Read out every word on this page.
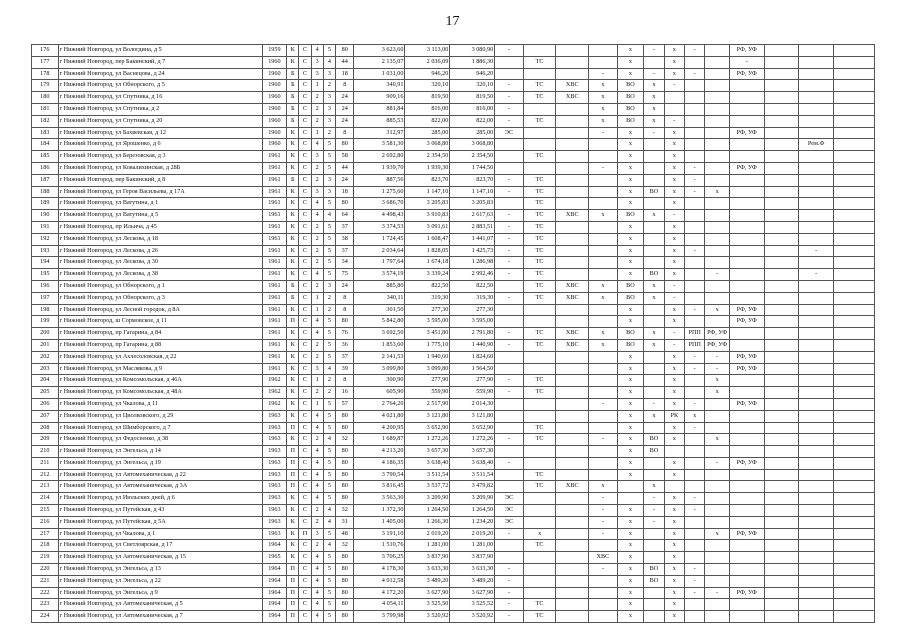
17
176	г Нижний Новгород, ул Вологдина, д 5	1959	К	С	4	5	80	3 623,60	3 113,00	3 080,90	-				х	-	х	-		РФ, УФ			
177	г Нижний Новгород, пер Бакинский, д 7	1960	К	С	3	4	44	2 135,07	2 036,09	1 886,30		ТС			х		х			-			
178	г Нижний Новгород, ул Васнецова, д 24	1960	Б	С	3	3	18	1 031,00	946,20	946,20				-	х	-	х	-		РФ, УФ			
179	г Нижний Новгород, ул Обнорского, д 5	1960	Б	С	1	2	8	340,91	320,10	320,10	-	ТС	ХВС	х	ВО	х	-						
180	г Нижний Новгород, ул Спутника, д 16	1960	Б	С	2	3	24	909,16	819,50	819,50	-	ТС	ХВС	х	ВО	х							
181	г Нижний Новгород, ул Спутника, д 2	1960	Б	С	2	3	24	881,84	816,00	816,00	-			х	ВО	х							
182	г Нижний Новгород, ул Спутника, д 20	1960	Б	С	2	3	24	885,53	822,00	822,00	-	ТС		х	ВО	х	-						
183	г Нижний Новгород, ул Бахвевская, д 12	1960	К	С	1	2	8	312,97	285,00	285,00	ЭС			-	х	-	х			РФ, УФ			
184	г Нижний Новгород, ул Ярошенко, д 6	1960	К	С	4	5	80	3 581,30	3 068,80	3 068,80					х		х					Рем.Ф	
185	г Нижний Новгород, ул Березовская, д 3	1961	К	С	3	5	58	2 692,80	2 354,50	2 354,50		ТС			х		х						
186	г Нижний Новгород, ул Ковалихинская, д 28Б	1961	К	С	2	5	44	1 939,70	1 939,30	1 744,50				-	х		х	-		РФ, УФ			
187	г Нижний Новгород, пер Бакинский, д 8	1961	Б	С	2	3	24	887,56	823,70	823,70	-	ТС			х		х	-					
188	г Нижний Новгород, ул Героя Васильева, д 17А	1961	К	С	3	3	18	1 275,60	1 147,10	1 147,10	-	ТС			х	ВО	х	-	х				
189	г Нижний Новгород, ул Ватутина, д 1	1961	К	С	4	5	80	3 686,70	3 205,83	3 205,83		ТС			х		х						
190	г Нижний Новгород, ул Ватутина, д 5	1961	К	С	4	4	64	4 498,43	3 910,83	2 617,63	-	ТС	ХВС	х	ВО	х	-						
191	г Нижний Новгород, пр Ильича, д 45	1961	К	С	2	5	37	3 374,53	3 091,61	2 883,51	-	ТС			х		х						
192	г Нижний Новгород, ул Лескова, д 18	1961	К	С	2	5	38	1 724,45	1 608,47	1 441,07	-	ТС			х		х						
193	г Нижний Новгород, ул Лескова, д 26	1961	К	С	2	5	37	2 034,64	1 828,05	1 425,73	-	ТС			х		х	-				-	
194	г Нижний Новгород, ул Лескова, д 30	1961	К	С	2	5	34	1 797,64	1 674,18	1 286,98	-	ТС			х		х						
195	г Нижний Новгород, ул Лескова, д 38	1961	К	С	4	5	75	3 574,19	3 339,24	2 992,46	-	ТС			х	ВО	х		-			-	
196	г Нижний Новгород, ул Обнорского, д 1	1961	Б	С	2	3	24	885,80	822,50	822,50		ТС	ХВС	х	ВО	х	-						
197	г Нижний Новгород, ул Обнорского, д 3	1961	Б	С	1	2	8	340,11	319,30	319,30	-	ТС	ХВС	х	ВО	х	-						
198	г Нижний Новгород, ул Лесной городок, д 8А	1961	К	С	1	2	8	301,50	277,30	277,30					х		х	-	х	РФ, УФ			
199	г Нижний Новгород, ш Сормовское, д 11	1961	П	С	4	5	80	5 842,80	3 595,00	3 595,00					х		х			РФ, УФ			
200	г Нижний Новгород, пр Гагарина, д 84	1961	К	С	4	5	76	3 692,50	3 451,80	2 791,80	-	ТС	ХВС	х	ВО	х	-	РПП	РФ, УФ				
201	г Нижний Новгород, пр Гагарина, д 88	1961	К	С	2	5	36	1 853,60	1 775,10	1 440,90	-	ТС	ХВС	х	ВО	х	-	РПП	РФ, УФ				
202	г Нижний Новгород, ул Ахлесоловская, д 22	1961	К	С	2	5	37	2 141,53	1 940,60	1 824,60					х		х	-	-	РФ, УФ			
203	г Нижний Новгород, ул Маслякова, д 9	1961	К	С	3	4	39	3 099,80	3 099,80	1 564,50					х		х	-	-	РФ, УФ			
204	г Нижний Новгород, ул Комсомольская, д 46А	1962	К	С	1	2	8	300,90	277,90	277,90	-	ТС			х		х		х				
205	г Нижний Новгород, ул Комсомольская, д 48А	1962	К	С	2	2	16	605,90	559,90	559,90	-	ТС			х		х		х				
206	г Нижний Новгород, ул Чкалова, д 11	1962	К	С	1	5	57	2 764,20	2 517,90	2 014,30				-	х	-	х	-		РФ, УФ			
207	г Нижний Новгород, ул Циолковского, д 29	1963	К	С	4	5	80	4 021,80	3 121,80	3 121,80					х	х	РК	х					
208	г Нижний Новгород, ул Шимборского, д 7	1963	П	С	4	5	80	4 200,95	3 652,90	3 652,90		ТС			х		х	-					
209	г Нижний Новгород, ул Федосеенко, д 38	1963	К	С	2	4	32	1 689,87	1 272,26	1 272,26	-	ТС		-	х	ВО	х		х				
210	г Нижний Новгород, ул Энгельса, д 14	1963	П	С	4	5	80	4 213,20	3 657,30	3 657,30					х	ВО							
211	г Нижний Новгород, ул Энгельса, д 19	1963	П	С	4	5	80	4 186,35	3 638,40	3 638,40	-				х		х		-	РФ, УФ			
212	г Нижний Новгород, ул Автомеханическая, д 22	1963	П	С	4	5	80	3 790,54	3 511,54	3 511,54		ТС			х		х						
213	г Нижний Новгород, ул Автомеханическая, д 3А	1963	П	С	4	5	80	3 816,45	3 537,72	3 479,82		ТС	ХВС	х		х							
214	г Нижний Новгород, ул Июльских дней, д 6	1963	К	С	4	5	80	3 563,30	3 209,90	3 209,90	ЭС			-		-	х	-					
215	г Нижний Новгород, ул Путейская, д 43	1963	К	С	2	4	32	1 372,30	1 264,50	1 264,50	ЭС			-	х	-	х	-					
216	г Нижний Новгород, ул Путейская, д 5А	1963	К	С	2	4	31	1 405,00	1 266,30	1 234,20	ЭС			-	х	-	х						
217	г Нижний Новгород, ул Чкалова, д 1	1963	К	П	3	5	48	3 191,10	2 019,20	2 019,20	-	х		-	х		х		х	РФ, УФ			
218	г Нижний Новгород, ул Светлоярская, д 17	1964	К	С	2	4	32	1 510,76	1 281,00	1 281,00		ТС			х		х						
219	г Нижний Новгород, ул Автомеханическая, д 15	1965	К	С	4	5	80	3 706,25	3 837,90	3 837,90				ХВС	х		х						
220	г Нижний Новгород, ул Энгельса, д 13	1964	П	С	4	5	80	4 178,30	3 633,30	3 633,30	-			-	х	ВО	х	-					
221	г Нижний Новгород, ул Энгельса, д 22	1964	П	С	4	5	80	4 012,58	3 489,20	3 489,20	-				х	ВО	х	-					
222	г Нижний Новгород, ул Энгельса, д 9	1964	П	С	4	5	80	4 172,20	3 627,90	3 627,90	-				х		х	-	-	РФ, УФ			
223	г Нижний Новгород, ул Автомеханическая, д 5	1964	П	С	4	5	80	4 054,11	3 525,50	3 525,52	-	ТС			х		х						
224	г Нижний Новгород, ул Автомеханическая, д 7	1964	П	С	4	5	80	3 799,98	3 520,92	3 520,92	-	ТС			х		х						
